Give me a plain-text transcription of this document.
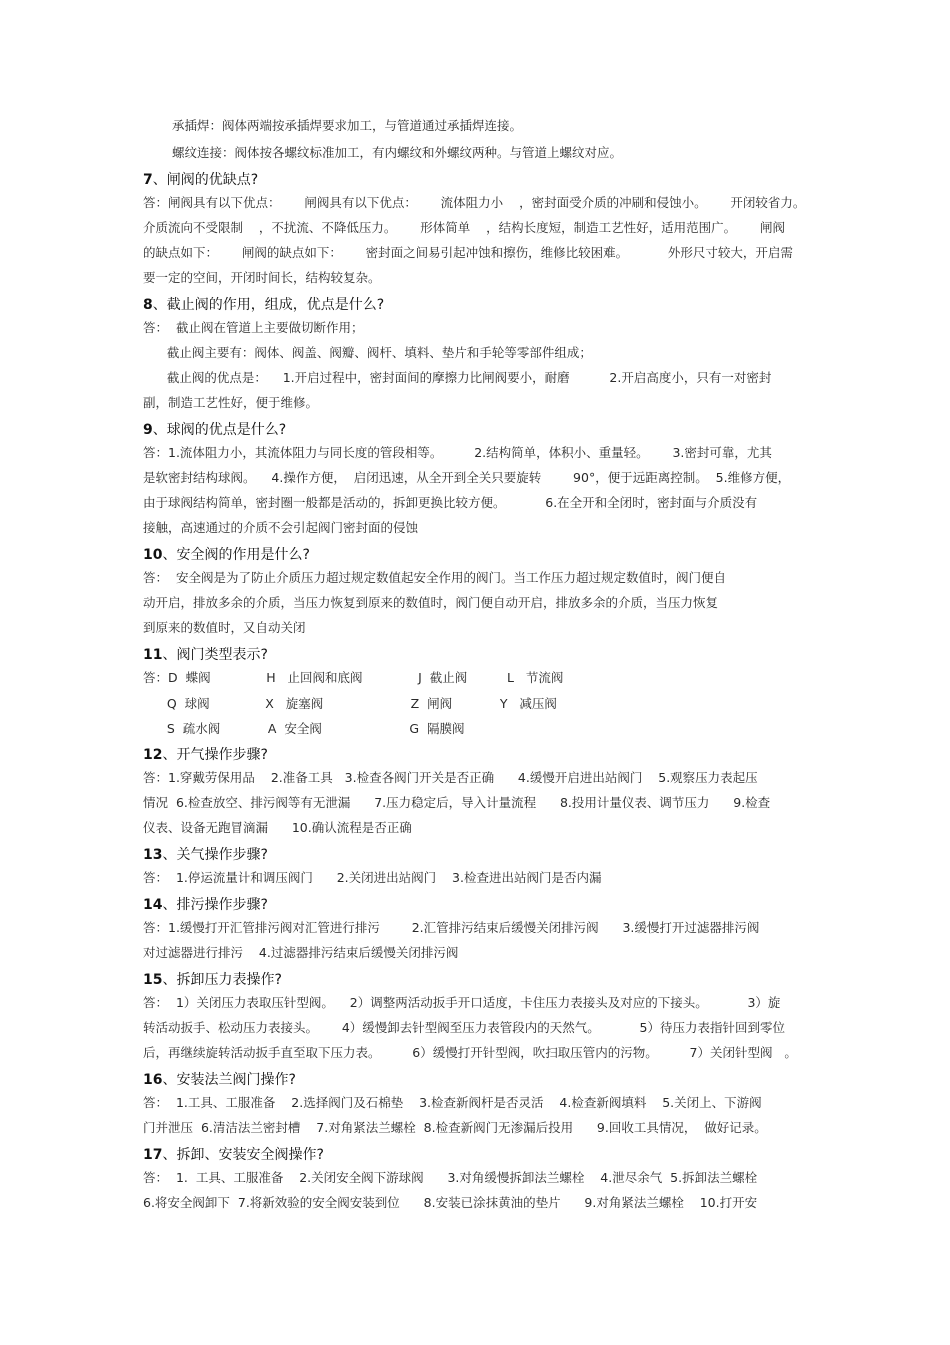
承插焊：阀体两端按承插焊要求加工，与管道通过承插焊连接。
螺纹连接：阀体按各螺纹标准加工，有内螺纹和外螺纹两种。与管道上螺纹对应。
7、闸阀的优缺点?
答：闸阀具有以下优点：      闸阀具有以下优点：      流体阻力小    ，密封面受介质的冲刷和侵蚀小。      开闭较省力。
介质流向不受限制    ，不扰流、不降低压力。      形体简单    ，结构长度短，制造工艺性好，适用范围广。      闸阀
的缺点如下：      闸阀的缺点如下：      密封面之间易引起冲蚀和擦伤，维修比较困难。          外形尺寸较大，开启需
要一定的空间，开闭时间长，结构较复杂。
8、截止阀的作用，组成，优点是什么?
答：  截止阀在管道上主要做切断作用；
截止阀主要有：阀体、阀盖、阀瓣、阀杆、填料、垫片和手轮等零部件组成；
截止阀的优点是：    1.开启过程中，密封面间的摩擦力比闸阀要小，耐磨          2.开启高度小，只有一对密封
副，制造工艺性好，便于维修。
9、球阀的优点是什么?
答：1.流体阻力小，其流体阻力与同长度的管段相等。        2.结构简单，体积小、重量轻。      3.密封可靠，尤其
是软密封结构球阀。    4.操作方便，  启闭迅速，从全开到全关只要旋转        90°，便于远距离控制。  5.维修方便，
由于球阀结构简单，密封圈一般都是活动的，拆卸更换比较方便。          6.在全开和全闭时，密封面与介质没有
接触，高速通过的介质不会引起阀门密封面的侵蚀
10、安全阀的作用是什么?
答：  安全阀是为了防止介质压力超过规定数值起安全作用的阀门。当工作压力超过规定数值时，阀门便自
动开启，排放多余的介质，当压力恢复到原来的数值时，阀门便自动开启，排放多余的介质，当压力恢复
到原来的数值时，又自动关闭
11、阀门类型表示?
答：D  蝶阀              H   止回阀和底阀              J  截止阀          L   节流阀
Q  球阀              X   旋塞阀                      Z  闸阀            Y   减压阀
S  疏水阀            A  安全阀                      G  隔膜阀
12、开气操作步骤?
答：1.穿戴劳保用品    2.准备工具   3.检查各阀门开关是否正确      4.缓慢开启进出站阀门    5.观察压力表起压
情况  6.检查放空、排污阀等有无泄漏      7.压力稳定后，导入计量流程      8.投用计量仪表、调节压力      9.检查
仪表、设备无跑冒滴漏      10.确认流程是否正确
13、关气操作步骤?
答：  1.停运流量计和调压阀门      2.关闭进出站阀门    3.检查进出站阀门是否内漏
14、排污操作步骤?
答：1.缓慢打开汇管排污阀对汇管进行排污        2.汇管排污结束后缓慢关闭排污阀      3.缓慢打开过滤器排污阀
对过滤器进行排污    4.过滤器排污结束后缓慢关闭排污阀
15、拆卸压力表操作?
答：  1）关闭压力表取压针型阀。    2）调整两活动扳手开口适度，卡住压力表接头及对应的下接头。          3）旋
转活动扳手、松动压力表接头。      4）缓慢卸去针型阀至压力表管段内的天然气。          5）待压力表指针回到零位
后，再继续旋转活动扳手直至取下压力表。        6）缓慢打开针型阀，吹扫取压管内的污物。        7）关闭针型阀   。
16、安装法兰阀门操作?
答：  1.工具、工服准备    2.选择阀门及石棉垫    3.检查新阀杆是否灵活    4.检查新阀填料    5.关闭上、下游阀
门并泄压  6.清洁法兰密封槽    7.对角紧法兰螺栓  8.检查新阀门无渗漏后投用      9.回收工具情况，  做好记录。
17、拆卸、安装安全阀操作?
答：  1.  工具、工服准备    2.关闭安全阀下游球阀      3.对角缓慢拆卸法兰螺栓    4.泄尽余气  5.拆卸法兰螺栓
6.将安全阀卸下  7.将新效验的安全阀安装到位      8.安装已涂抹黄油的垫片      9.对角紧法兰螺栓    10.打开安
